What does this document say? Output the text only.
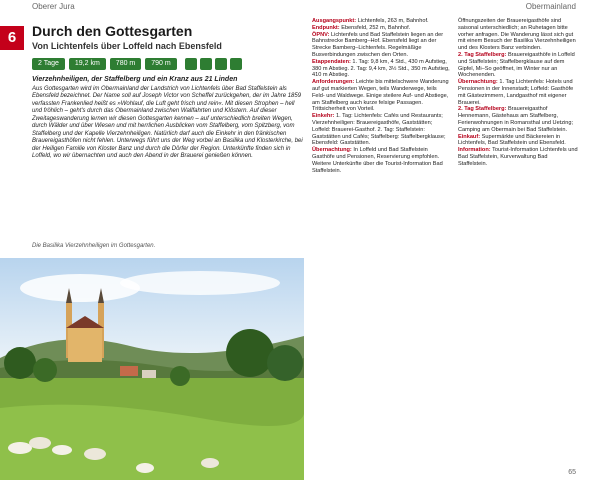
Oberer Jura	Obermainland
6	Durch den Gottesgarten
Von Lichtenfels über Loffeld nach Ebensfeld
2 Tage	19,2 km	780 m	790 m
Vierzehnheiligen, der Staffelberg und ein Kranz aus 21 Linden
Aus Gottesgarten wird im Obermainland der Landstrich von Lichtenfels über Bad Staffelstein als Ebensfeld bezeichnet. Der Name soll auf Joseph Victor von Scheffel zurückgehen, der im Jahre 1859 verfassten Frankenlied heißt es »Wohlauf, die Luft geht frisch und rein«. Mit diesen Strophen – hell und fröhlich – geht's durch das Obermainland zwischen Wallfahrten und Klöstern. Auf dieser Zweitageswanderung lernen wir diesen Gottesgarten kennen – auf unterschiedlich breiten Wegen, durch Wälder und über Wiesen und mit herrlichen Ausblicken vom Staffelberg, vom Spitzberg, vom Staffelberg und der Kapelle Vierzehnheiligen. Natürlich darf auch die Einkehr in den fränkischen Brauereigasthöfen nicht fehlen. Unterwegs führt uns der Weg vorbei an Basilika und Klosterkirche, bei der Heiligen Familie von Kloster Banz und durch die Dörfer der Region. Unterkünfte finden sich in Loffeld, wo wir übernachten und auch den Abend in der Brauerei genießen können.
Die Basilika Vierzehnheiligen im Gottesgarten.

Ausgangspunkt: Lichtenfels, 263 m, Bahnhof.

Endpunkt: Ebensfeld, 252 m, Bahnhof.

ÖPNV: Lichtenfels und Bad Staffelstein liegen an der Bahnstrecke Bamberg–Hof. Ebensfeld liegt an der Strecke Bamberg–Lichtenfels. Regelmäßige Busverbindungen zwischen den Orten.

Etappendaten: 1. Tag: 9,8 km, 4 Std., 430 m Aufstieg, 380 m Abstieg. 2. Tag: 9,4 km, 3½ Std., 350 m Aufstieg, 410 m Abstieg.

Anforderungen: Leichte bis mittelschwere Wanderung auf gut markierten Wegen, teils Wanderwege, teils Feld- und Waldwege. Einige steilere Auf- und Abstiege, am Staffelberg auch kurze felsige Passagen. Trittsicherheit von Vorteil.

Einkehr: 1. Tag: Lichtenfels: Cafés und Restaurants; Vierzehnheiligen: Brauereigasthöfe, Gaststätten; Loffeld: Brauerei-Gasthof. 2. Tag: Staffelstein: Gaststätten und Cafés; Staffelberg: Staffelbergklause; Ebensfeld: Gaststätten.

Übernachtung: In Loffeld und Bad Staffelstein Gasthöfe und Pensionen, Reservierung empfohlen. Weitere Unterkünfte über die Tourist-Information Bad Staffelstein.

Öffnungszeiten der Brauereigasthöfe sind saisonal unterschiedlich; an Ruhetagen bitte vorher anfragen. Die Wanderung lässt sich gut mit einem Besuch der Basilika Vierzehnheiligen und des Klosters Banz verbinden.

2. Tag Staffelberg: Brauereigasthöfe in Loffeld und Staffelstein; Staffelbergklause auf dem Gipfel, Mi–So geöffnet, im Winter nur an Wochenenden.

Übernachtung: 1. Tag Lichtenfels: Hotels und Pensionen in der Innenstadt; Loffeld: Gasthöfe mit Gästezimmern, Landgasthof mit eigener Brauerei.

2. Tag Staffelberg: Brauereigasthof Hennemann, Gästehaus am Staffelberg, Ferienwohnungen in Romansthal und Uetzing; Camping am Obermain bei Bad Staffelstein.

Einkauf: Supermärkte und Bäckereien in Lichtenfels, Bad Staffelstein und Ebensfeld.

Information: Tourist-Information Lichtenfels und Bad Staffelstein, Kurverwaltung Bad Staffelstein.

65
